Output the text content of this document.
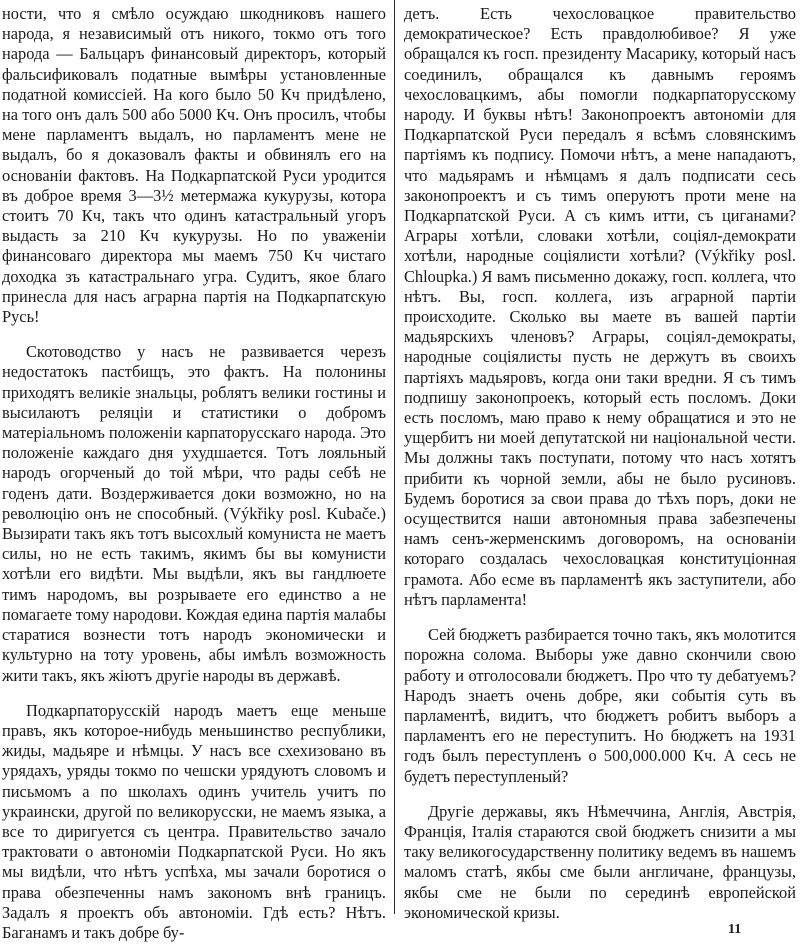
ности, что я смѣло осуждаю шкодниковъ нашего народа, я независимый отъ никого, токмо отъ того народа — Бальцаръ финансовый директоръ, который фальсификовалъ податные вымѣры установленные податной комиссіей. На кого было 50 Кч придѣлено, на того онъ далъ 500 або 5000 Кч. Онъ просилъ, чтобы мене парламентъ выдалъ, но парламентъ мене не выдалъ, бо я доказовалъ факты и обвинялъ его на основаніи фактовъ. На Подкарпатской Руси уродится въ доброе время 3—3½ метермажа кукурузы, котора стоитъ 70 Кч, такъ что одинъ катастральный угоръ выдасть за 210 Кч кукурузы. Но по уваженіи финансоваго директора мы маемъ 750 Кч чистаго доходка зъ катастральнаго угра. Судитъ, якое благо принесла для насъ аграрна партія на Подкарпатскую Русь!

Скотоводство у насъ не развивается черезъ недостатокъ пастбищъ, это фактъ. На полонины приходятъ великіе знальцы, роблятъ велики гостины и высилаютъ реляціи и статистики о добромъ матеріальномъ положеніи карпаторусскаго народа. Это положеніе каждаго дня ухудшается. Тотъ лояльный народъ огорченый до той мѣри, что рады себѣ не годенъ дати. Воздерживается доки возможно, но на революцію онъ не способный. (Výkřiky posl. Kubače.) Вызирати такъ якъ тотъ высохлый комуниста не маетъ силы, но не есть такимъ, якимъ бы вы комунисти хотѣли его видѣти. Мы выдѣли, якъ вы гандлюете тимъ народомъ, вы розрываете его единство а не помагаете тому народови. Кождая едина партія малабы старатися вознести тотъ народъ экономически и культурно на тоту уровень, абы имѣлъ возможность жити такъ, якъ жіютъ другіе народы въ державѣ.

Подкарпаторусскій народъ маетъ еще меньше правъ, якъ которое-нибудь меньшинство республики, жиды, мадьяре и нѣмцы. У насъ все схехизовано въ урядахъ, уряды токмо по чешски урядуютъ словомъ и письмомъ а по школахъ одинъ учитель учитъ по украински, другой по великорусски, не маемъ языка, а все то диригуется съ центра. Правительство зачало трактовати о автономіи Подкарпатской Руси. Но якъ мы видѣли, что нѣтъ успѣха, мы зачали боротися о права обезпеченны намъ закономъ внѣ границъ. Задалъ я проектъ объ автономіи. Гдѣ есть? Нѣтъ. Баганамъ и такъ добре бу-

детъ. Есть чехословацкое правительство демократическое? Есть правдолюбивое? Я уже обращался къ госп. президенту Масарику, который насъ соединилъ, обращался къ давнымъ героямъ чехословацкимъ, абы помогли подкарпаторусскому народу. И буквы нѣтъ! Законопроектъ автономіи для Подкарпатской Руси передалъ я всѣмъ словянскимъ партіямъ къ подпису. Помочи нѣтъ, а мене нападаютъ, что мадьярамъ и нѣмцамъ я далъ подписати сесь законопроектъ и съ тимъ оперуютъ проти мене на Подкарпатской Руси. А съ кимъ итти, съ циганами? Аграры хотѣли, словаки хотѣли, соціял-демократи хотѣли, народные соціялисти хотѣли? (Výkřiky posl. Chloupka.) Я вамъ письменно докажу, госп. коллега, что нѣтъ. Вы, госп. коллега, изъ аграрной партіи происходите. Сколько вы маете въ вашей партіи мадьярскихъ членовъ? Аграры, соціял-демократы, народные соціялисты пусть не держутъ въ своихъ партіяхъ мадьяровъ, когда они таки вредни. Я съ тимъ подпишу законопроекъ, который есть посломъ. Доки есть посломъ, маю право к нему обращатися и это не ущербитъ ни моей депутатской ни національной чести. Мы должны такъ поступати, потому что насъ хотятъ прибити къ чорной земли, абы не было русиновъ. Будемъ боротися за свои права до тѣхъ поръ, доки не осуществится наши автономныя права забезпечены намъ сенъ-жерменскимъ договоромъ, на основаніи котораго создалась чехословацкая конституціонная грамота. Або есме въ парламентѣ якъ заступители, або нѣтъ парламента!

Сей бюджетъ разбирается точно такъ, якъ молотится порожна солома. Выборы уже давно скончили свою работу и отголосовали бюджетъ. Про что ту дебатуемъ? Народъ знаетъ очень добре, яки событія суть въ парламентѣ, видитъ, что бюджетъ робитъ выборъ а парламентъ его не переступитъ. Но бюджетъ на 1931 годъ былъ переступленъ о 500,000.000 Кч. А сесь не будетъ переступленый?

Другіе державы, якъ Нѣмеччина, Англія, Австрія, Франція, Італія стараются свой бюджетъ снизити а мы таку великогосударственну политику ведемъ въ нашемъ маломъ статѣ, якбы сме были англичане, французы, якбы сме не были по серединѣ европейской экономической кризы.

11
